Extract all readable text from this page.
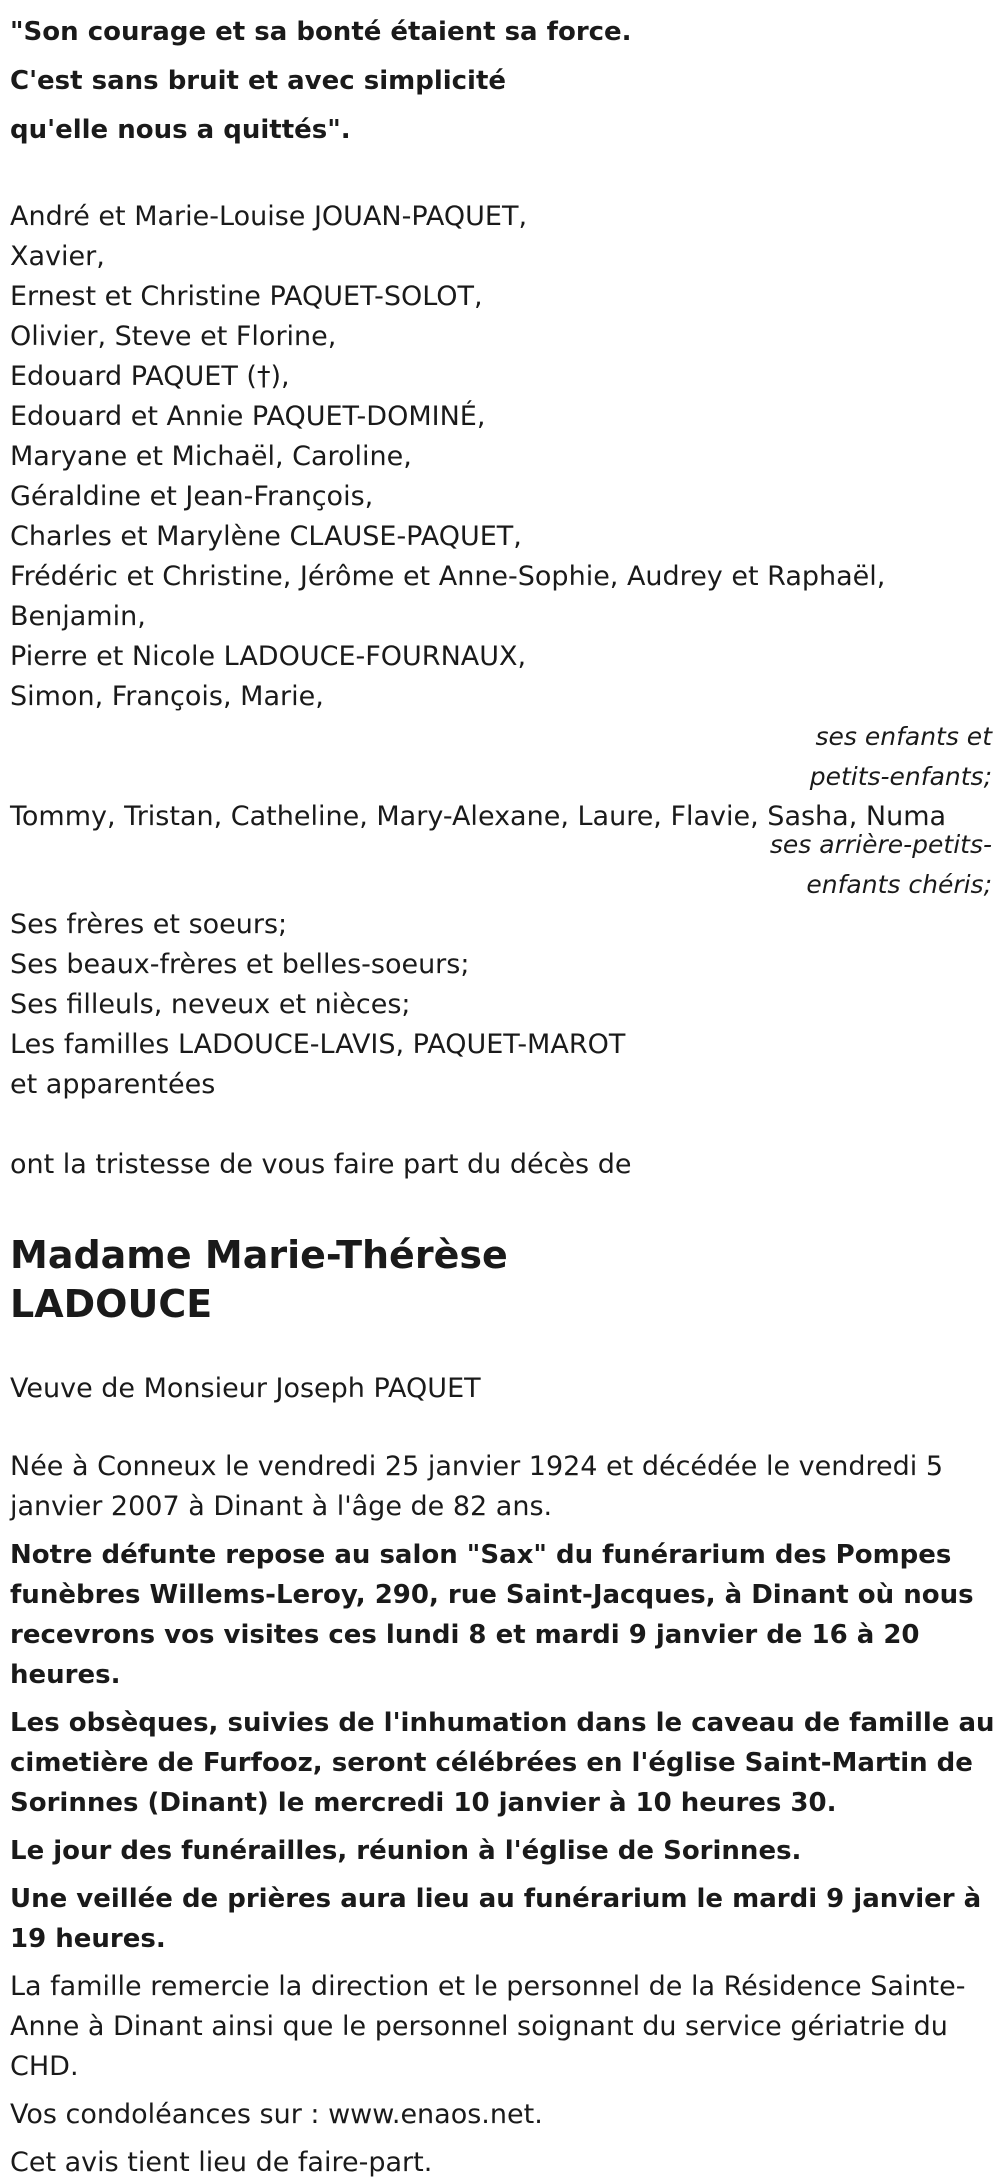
"Son courage et sa bonté étaient sa force.
C'est sans bruit et avec simplicité
qu'elle nous a quittés".
André et Marie-Louise JOUAN-PAQUET,
Xavier,
Ernest et Christine PAQUET-SOLOT,
Olivier, Steve et Florine,
Edouard PAQUET (†),
Edouard et Annie PAQUET-DOMINÉ,
Maryane et Michaël, Caroline,
Géraldine et Jean-François,
Charles et Marylène CLAUSE-PAQUET,
Frédéric et Christine, Jérôme et Anne-Sophie, Audrey et Raphaël,
Benjamin,
Pierre et Nicole LADOUCE-FOURNAUX,
Simon, François, Marie,
ses enfants et
petits-enfants;
Tommy, Tristan, Catheline, Mary-Alexane, Laure, Flavie, Sasha, Numa
ses arrière-petits-
enfants chéris;
Ses frères et soeurs;
Ses beaux-frères et belles-soeurs;
Ses filleuls, neveux et nièces;
Les familles LADOUCE-LAVIS, PAQUET-MAROT
et apparentées
ont la tristesse de vous faire part du décès de
Madame Marie-Thérèse
LADOUCE
Veuve de Monsieur Joseph PAQUET
Née à Conneux le vendredi 25 janvier 1924 et décédée le vendredi 5 janvier 2007 à Dinant à l'âge de 82 ans.
Notre défunte repose au salon "Sax" du funérarium des Pompes funèbres Willems-Leroy, 290, rue Saint-Jacques, à Dinant où nous recevrons vos visites ces lundi 8 et mardi 9 janvier de 16 à 20 heures.
Les obsèques, suivies de l'inhumation dans le caveau de famille au cimetière de Furfooz, seront célébrées en l'église Saint-Martin de Sorinnes (Dinant) le mercredi 10 janvier à 10 heures 30.
Le jour des funérailles, réunion à l'église de Sorinnes.
Une veillée de prières aura lieu au funérarium le mardi 9 janvier à 19 heures.
La famille remercie la direction et le personnel de la Résidence Sainte-Anne à Dinant ainsi que le personnel soignant du service gériatrie du CHD.
Vos condoléances sur : www.enaos.net.
Cet avis tient lieu de faire-part.
